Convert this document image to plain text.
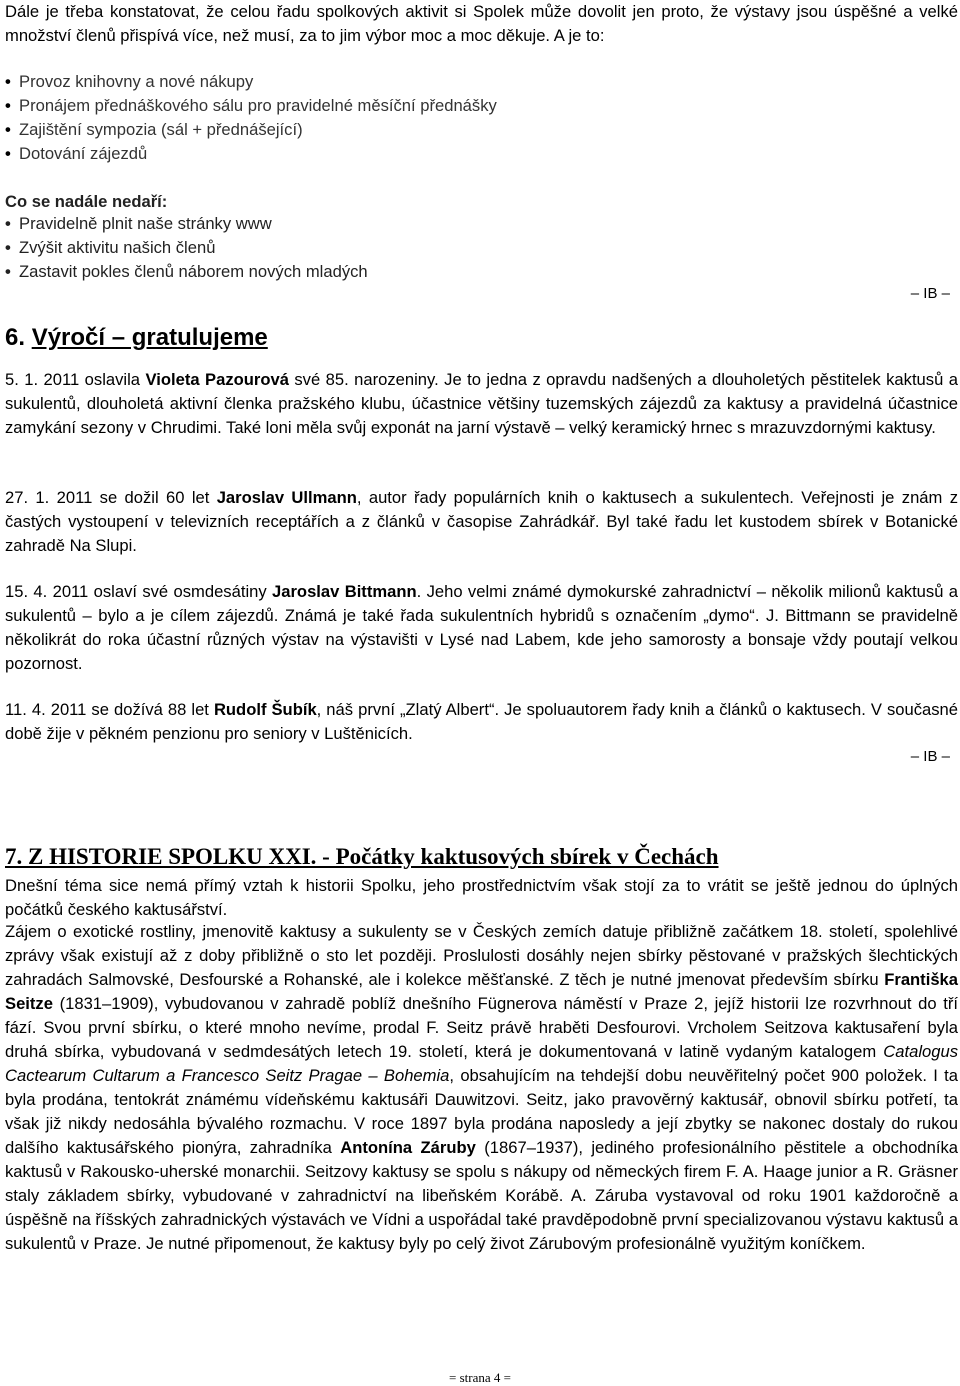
Dále je třeba konstatovat, že celou řadu spolkových aktivit si Spolek může dovolit jen proto, že výstavy jsou úspěšné a velké množství členů přispívá více, než musí, za to jim výbor moc a moc děkuje. A je to:

• Provoz knihovny a nové nákupy
• Pronájem přednáškového sálu pro pravidelné měsíční přednášky
• Zajištění sympozia (sál + přednášející)
• Dotování zájezdů
Co se nadále nedaří:
• Pravidelně plnit naše stránky www
• Zvýšit aktivitu našich členů
• Zastavit pokles členů náborem nových mladých
– IB –
6. Výročí – gratulujeme

5. 1. 2011 oslavila Violeta Pazourová své 85. narozeniny. Je to jedna z opravdu nadšených a dlouholetých pěstitelek kaktusů a sukulentů, dlouholetá aktivní členka pražského klubu, účastnice většiny tuzemských zájezdů za kaktusy a pravidelná účastnice zamykání sezony v Chrudimi. Také loni měla svůj exponát na jarní výstavě – velký keramický hrnec s mrazuvzdornými kaktusy.

27. 1. 2011 se dožil 60 let Jaroslav Ullmann, autor řady populárních knih o kaktusech a sukulentech. Veřejnosti je znám z častých vystoupení v televizních receptářích a z článků v časopise Zahrádkář. Byl také řadu let kustodem sbírek v Botanické zahradě Na Slupi.

15. 4. 2011 oslaví své osmdesátiny Jaroslav Bittmann. Jeho velmi známé dymokurské zahradnictví – několik milionů kaktusů a sukulentů – bylo a je cílem zájezdů. Známá je také řada sukulentních hybridů s označením „dymo“. J. Bittmann se pravidelně několikrát do roka účastní různých výstav na výstavišti v Lysé nad Labem, kde jeho samorosty a bonsaje vždy poutají velkou pozornost.

11. 4. 2011 se dožívá 88 let Rudolf Šubík, náš první „Zlatý Albert“. Je spoluautorem řady knih a článků o kaktusech. V současné době žije v pěkném penzionu pro seniory v Luštěnicích.

– IB –
7. Z HISTORIE SPOLKU XXI. - Počátky kaktusových sbírek v Čechách

Dnešní téma sice nemá přímý vztah k historii Spolku, jeho prostřednictvím však stojí za to vrátit se ještě jednou do úplných počátků českého kaktusářství.

Zájem o exotické rostliny, jmenovitě kaktusy a sukulenty se v Českých zemích datuje přibližně začátkem 18. století, spolehlivé zprávy však existují až z doby přibližně o sto let později. Proslulosti dosáhly nejen sbírky pěstované v pražských šlechtických zahradách Salmovské, Desfourské a Rohanské, ale i kolekce měšťanské. Z těch je nutné jmenovat především sbírku Františka Seitze (1831–1909), vybudovanou v zahradě poblíž dnešního Fügnerova náměstí v Praze 2, jejíž historii lze rozvrhnout do tří fází. Svou první sbírku, o které mnoho nevíme, prodal F. Seitz právě hraběti Desfourovi. Vrcholem Seitzova kaktusaření byla druhá sbírka, vybudovaná v sedmdesátých letech 19. století, která je dokumentovaná v latině vydaným katalogem Catalogus Cactearum Cultarum a Francesco Seitz Pragae – Bohemia, obsahujícím na tehdejší dobu neuvěřitelný počet 900 položek. I ta byla prodána, tentokrát známému vídeňskému kaktusáři Dauwitzovi. Seitz, jako pravověrný kaktusář, obnovil sbírku potřetí, ta však již nikdy nedosáhla bývalého rozmachu. V roce 1897 byla prodána naposledy a její zbytky se nakonec dostaly do rukou dalšího kaktusářského pionýra, zahradníka Antonína Záruby (1867–1937), jediného profesionálního pěstitele a obchodníka kaktusů v Rakousko-uherské monarchii. Seitzovy kaktusy se spolu s nákupy od německých firem F. A. Haage junior a R. Gräsner staly základem sbírky, vybudované v zahradnictví na libeňském Korábě. A. Záruba vystavoval od roku 1901 každoročně a úspěšně na říšských zahradnických výstavách ve Vídni a uspořádal také pravděpodobně první specializovanou výstavu kaktusů a sukulentů v Praze. Je nutné připomenout, že kaktusy byly po celý život Zárubovým profesionálně využitým koníčkem.

= strana 4 =
